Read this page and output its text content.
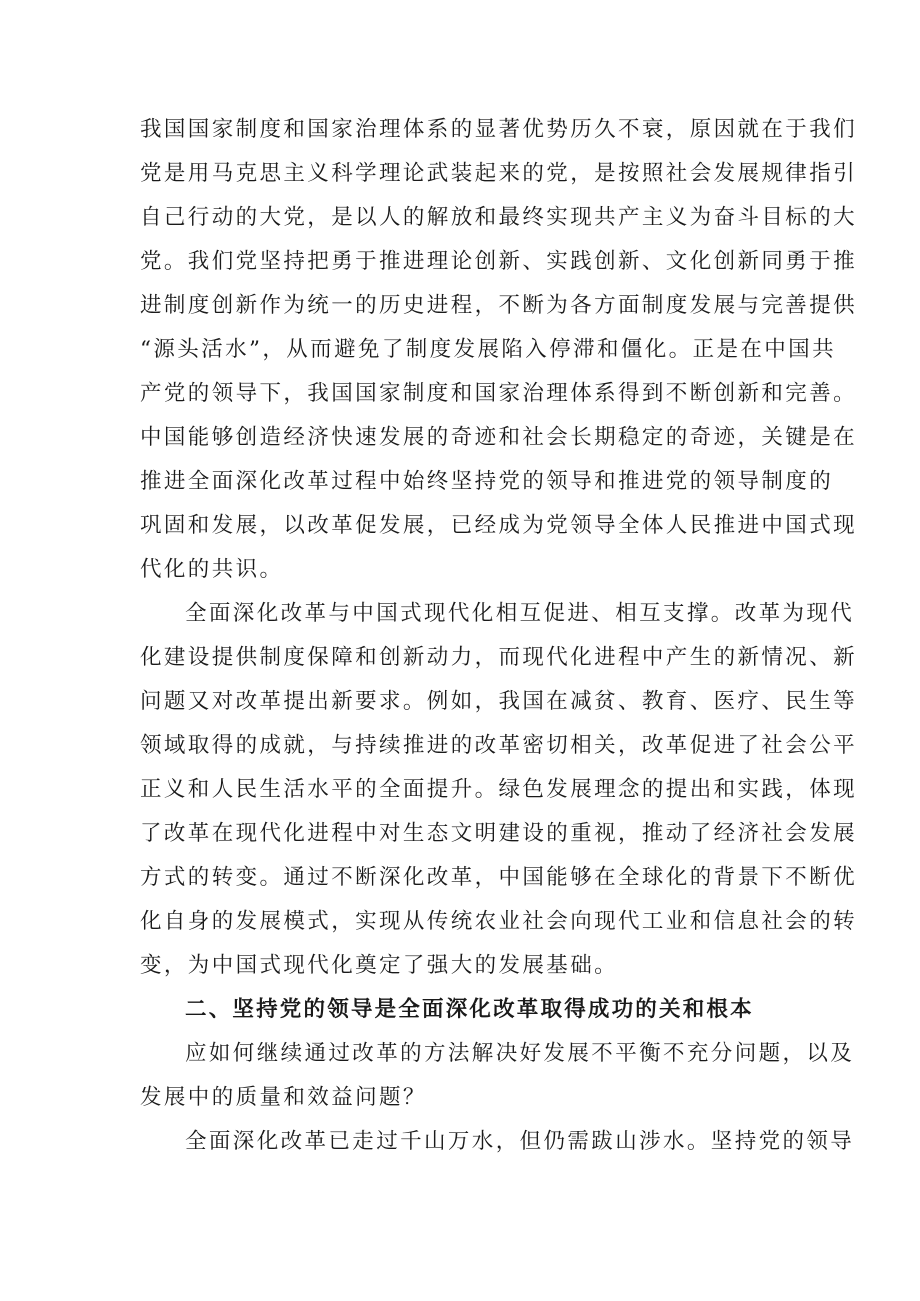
我国国家制度和国家治理体系的显著优势历久不衰，原因就在于我们
党是用马克思主义科学理论武装起来的党，是按照社会发展规律指引
自己行动的大党，是以人的解放和最终实现共产主义为奋斗目标的大
党。我们党坚持把勇于推进理论创新、实践创新、文化创新同勇于推
进制度创新作为统一的历史进程，不断为各方面制度发展与完善提供
“源头活水”，从而避免了制度发展陷入停滞和僵化。正是在中国共
产党的领导下，我国国家制度和国家治理体系得到不断创新和完善。
中国能够创造经济快速发展的奇迹和社会长期稳定的奇迹，关键是在
推进全面深化改革过程中始终坚持党的领导和推进党的领导制度的
巩固和发展，以改革促发展，已经成为党领导全体人民推进中国式现
代化的共识。
全面深化改革与中国式现代化相互促进、相互支撑。改革为现代
化建设提供制度保障和创新动力，而现代化进程中产生的新情况、新
问题又对改革提出新要求。例如，我国在减贫、教育、医疗、民生等
领域取得的成就，与持续推进的改革密切相关，改革促进了社会公平
正义和人民生活水平的全面提升。绿色发展理念的提出和实践，体现
了改革在现代化进程中对生态文明建设的重视，推动了经济社会发展
方式的转变。通过不断深化改革，中国能够在全球化的背景下不断优
化自身的发展模式，实现从传统农业社会向现代工业和信息社会的转
变，为中国式现代化奠定了强大的发展基础。
二、坚持党的领导是全面深化改革取得成功的关和根本
应如何继续通过改革的方法解决好发展不平衡不充分问题，以及
发展中的质量和效益问题？
全面深化改革已走过千山万水，但仍需跋山涉水。坚持党的领导
